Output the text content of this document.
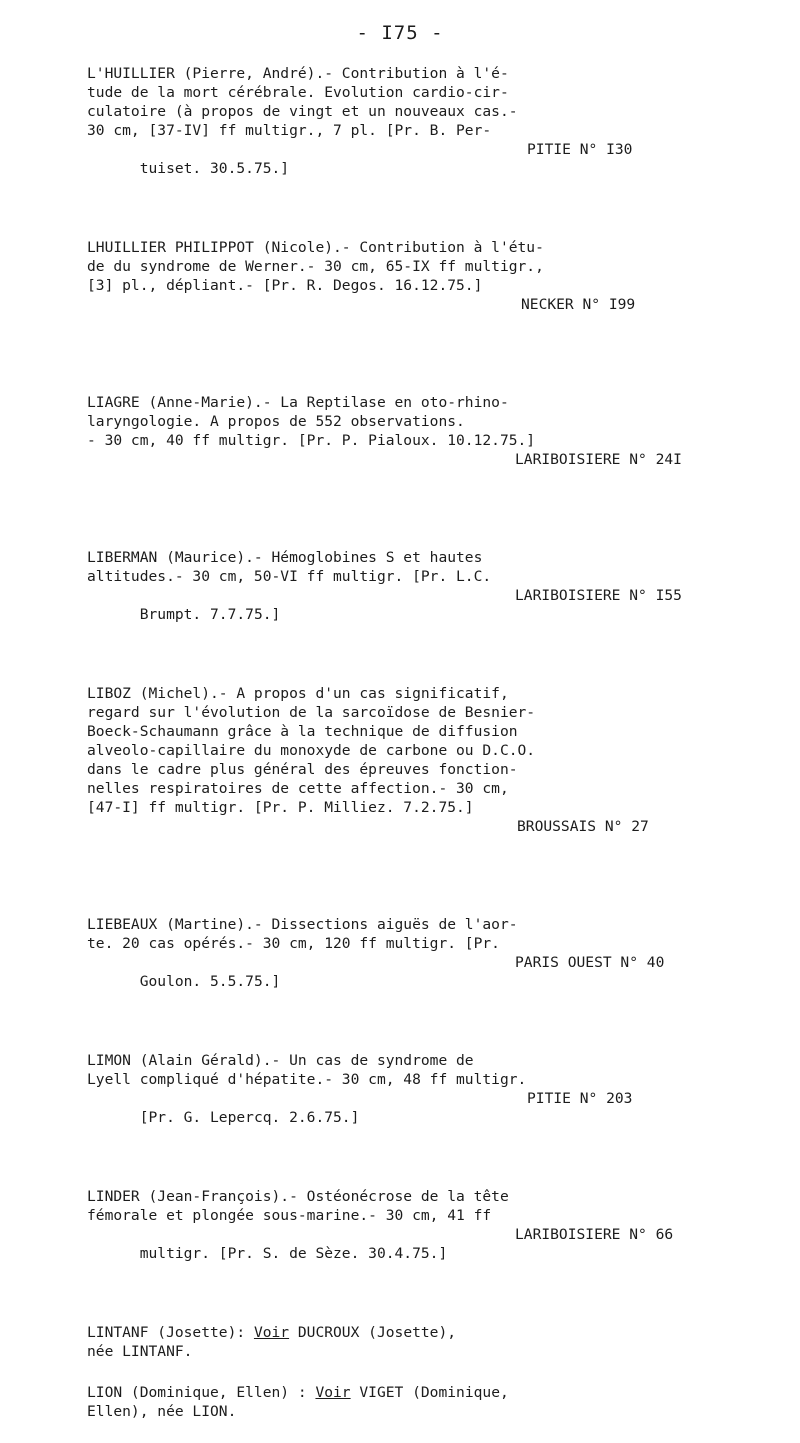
- I75 -
L'HUILLIER (Pierre, André).- Contribution à l'é-
tude de la mort cérébrale. Evolution cardio-cir-
culatoire (à propos de vingt et un nouveaux cas.-
30 cm, [37-IV] ff multigr., 7 pl. [Pr. B. Per-

tuiset. 30.5.75.]

PITIE N° I30

LHUILLIER PHILIPPOT (Nicole).- Contribution à l'étu-
de du syndrome de Werner.- 30 cm, 65-IX ff multigr.,
[3] pl., dépliant.- [Pr. R. Degos. 16.12.75.]

NECKER N° I99

LIAGRE (Anne-Marie).- La Reptilase en oto-rhino-
laryngologie. A propos de 552 observations.
- 30 cm, 40 ff multigr. [Pr. P. Pialoux. 10.12.75.]

LARIBOISIERE N° 24I

LIBERMAN (Maurice).- Hémoglobines S et hautes
altitudes.- 30 cm, 50-VI ff multigr. [Pr. L.C.

Brumpt. 7.7.75.]

LARIBOISIERE N° I55

LIBOZ (Michel).- A propos d'un cas significatif,
regard sur l'évolution de la sarcoïdose de Besnier-
Boeck-Schaumann grâce à la technique de diffusion
alveolo-capillaire du monoxyde de carbone ou D.C.O.
dans le cadre plus général des épreuves fonction-
nelles respiratoires de cette affection.- 30 cm,
[47-I] ff multigr. [Pr. P. Milliez. 7.2.75.]

BROUSSAIS N° 27

LIEBEAUX (Martine).- Dissections aiguës de l'aor-
te. 20 cas opérés.- 30 cm, 120 ff multigr. [Pr.

Goulon. 5.5.75.]

PARIS OUEST N° 40

LIMON (Alain Gérald).- Un cas de syndrome de
Lyell compliqué d'hépatite.- 30 cm, 48 ff multigr.

[Pr. G. Lepercq. 2.6.75.]

PITIE N° 203

LINDER (Jean-François).- Ostéonécrose de la tête
fémorale et plongée sous-marine.- 30 cm, 41 ff

multigr. [Pr. S. de Sèze. 30.4.75.]

LARIBOISIERE N° 66

LINTANF (Josette): Voir DUCROUX (Josette),
née LINTANF.
LION (Dominique, Ellen) : Voir VIGET (Dominique,
Ellen), née LION.
